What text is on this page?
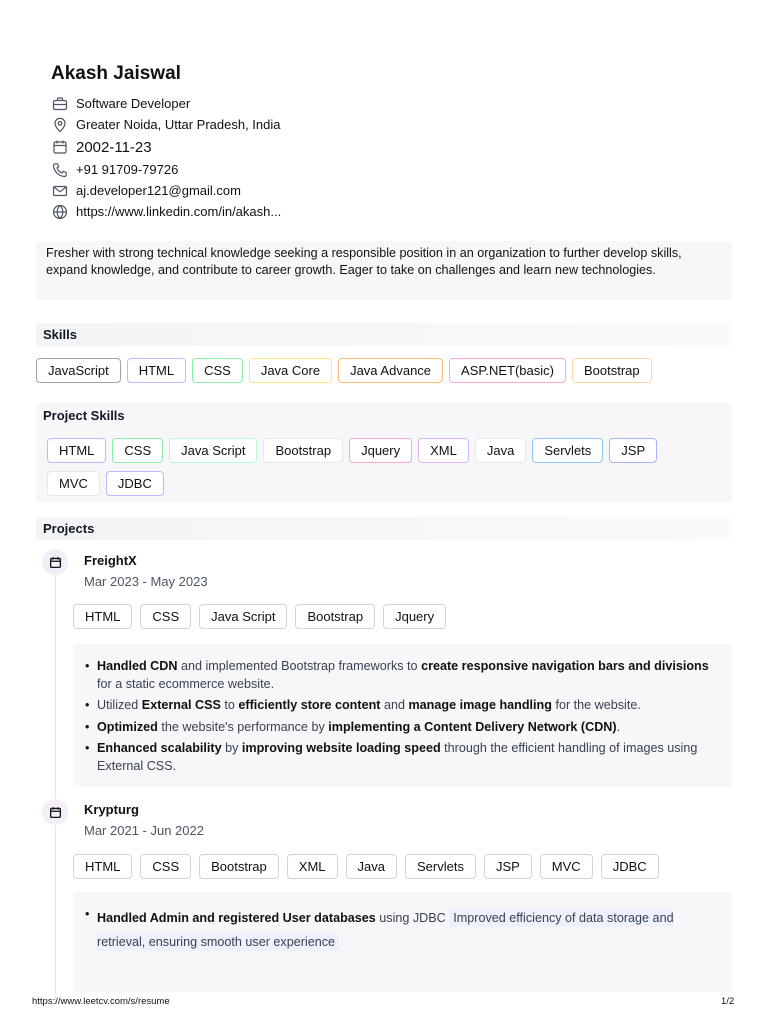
Akash Jaiswal
Software Developer
Greater Noida, Uttar Pradesh, India
2002-11-23
+91 91709-79726
aj.developer121@gmail.com
https://www.linkedin.com/in/akash...
Fresher with strong technical knowledge seeking a responsible position in an organization to further develop skills, expand knowledge, and contribute to career growth. Eager to take on challenges and learn new technologies.
Skills
JavaScript	HTML	CSS	Java Core	Java Advance	ASP.NET(basic)	Bootstrap
Project Skills
HTML	CSS	Java Script	Bootstrap	Jquery	XML	Java	Servlets	JSP
MVC	JDBC
Projects
FreightX
Mar 2023 - May 2023
HTML	CSS	Java Script	Bootstrap	Jquery
• Handled CDN and implemented Bootstrap frameworks to create responsive navigation bars and divisions for a static ecommerce website.
• Utilized External CSS to efficiently store content and manage image handling for the website.
• Optimized the website's performance by implementing a Content Delivery Network (CDN).
• Enhanced scalability by improving website loading speed through the efficient handling of images using External CSS.
Krypturg
Mar 2021 - Jun 2022
HTML	CSS	Bootstrap	XML	Java	Servlets	JSP	MVC	JDBC
• Handled Admin and registered User databases using JDBC Improved efficiency of data storage and retrieval, ensuring smooth user experience
https://www.leetcv.com/s/resume	1/2
